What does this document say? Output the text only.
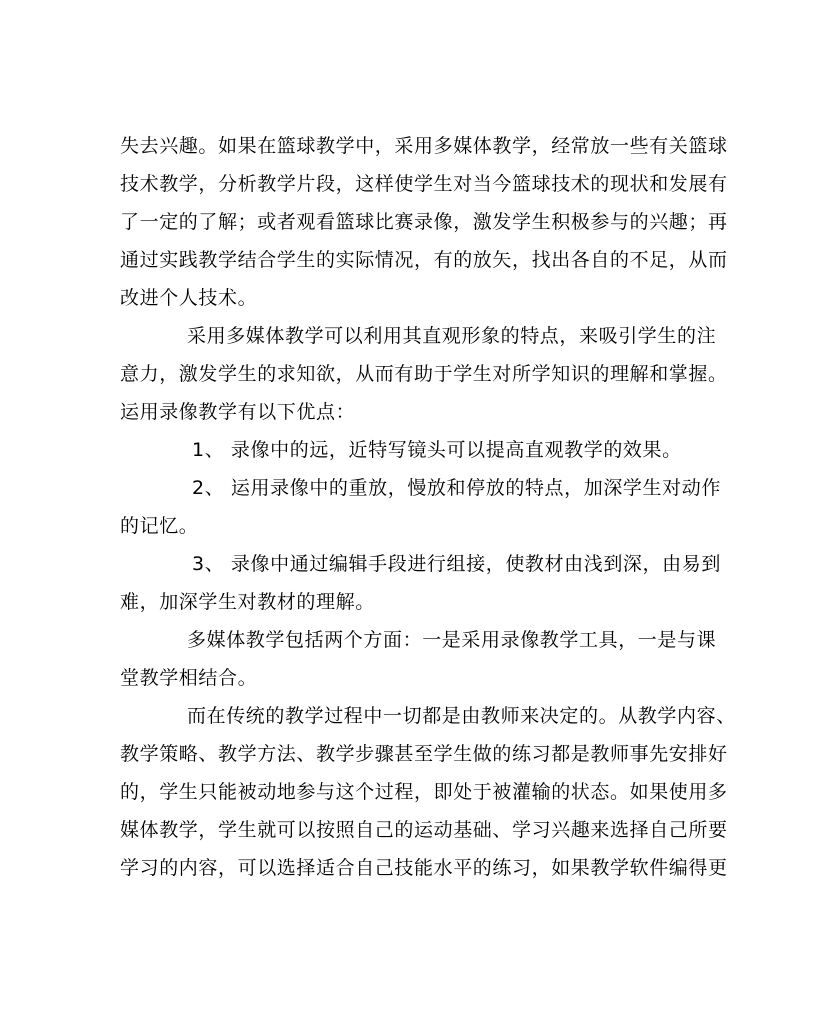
失去兴趣。如果在篮球教学中，采用多媒体教学，经常放一些有关篮球
技术教学，分析教学片段，这样使学生对当今篮球技术的现状和发展有
了一定的了解；或者观看篮球比赛录像，激发学生积极参与的兴趣；再
通过实践教学结合学生的实际情况，有的放矢，找出各自的不足，从而
改进个人技术。
采用多媒体教学可以利用其直观形象的特点，来吸引学生的注
意力，激发学生的求知欲，从而有助于学生对所学知识的理解和掌握。
运用录像教学有以下优点：
1、 录像中的远，近特写镜头可以提高直观教学的效果。
2、 运用录像中的重放，慢放和停放的特点，加深学生对动作
的记忆。
3、 录像中通过编辑手段进行组接，使教材由浅到深，由易到
难，加深学生对教材的理解。
多媒体教学包括两个方面：一是采用录像教学工具，一是与课
堂教学相结合。
而在传统的教学过程中一切都是由教师来决定的。从教学内容、
教学策略、教学方法、教学步骤甚至学生做的练习都是教师事先安排好
的，学生只能被动地参与这个过程，即处于被灌输的状态。如果使用多
媒体教学，学生就可以按照自己的运动基础、学习兴趣来选择自己所要
学习的内容，可以选择适合自己技能水平的练习，如果教学软件编得更
